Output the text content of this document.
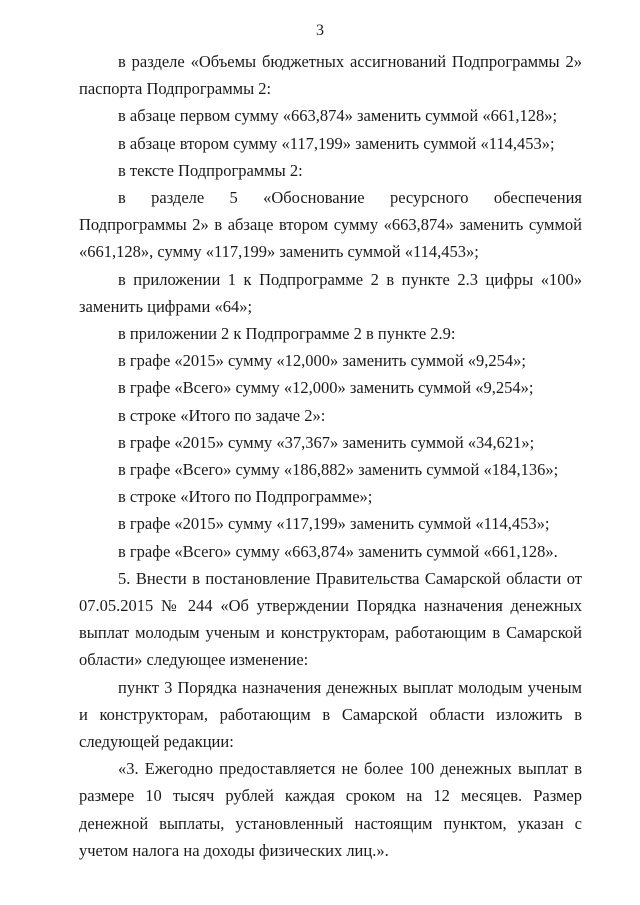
3

в разделе «Объемы бюджетных ассигнований Подпрограммы 2» паспорта Подпрограммы 2:

в абзаце первом сумму «663,874» заменить суммой «661,128»;

в абзаце втором сумму «117,199» заменить суммой «114,453»;

в тексте Подпрограммы 2:

в разделе 5 «Обоснование ресурсного обеспечения Подпрограммы 2» в абзаце втором сумму «663,874» заменить суммой «661,128», сумму «117,199» заменить суммой «114,453»;

в приложении 1 к Подпрограмме 2 в пункте 2.3 цифры «100» заменить цифрами «64»;

в приложении 2 к Подпрограмме 2 в пункте 2.9:

в графе «2015» сумму «12,000» заменить суммой «9,254»;

в графе «Всего» сумму «12,000» заменить суммой «9,254»;

в строке «Итого по задаче 2»:

в графе «2015» сумму «37,367» заменить суммой «34,621»;

в графе «Всего» сумму «186,882» заменить суммой «184,136»;

в строке «Итого по Подпрограмме»;

в графе «2015» сумму «117,199» заменить суммой «114,453»;

в графе «Всего» сумму «663,874» заменить суммой «661,128».

5. Внести в постановление Правительства Самарской области от 07.05.2015 № 244 «Об утверждении Порядка назначения денежных выплат молодым ученым и конструкторам, работающим в Самарской области» следующее изменение:

пункт 3 Порядка назначения денежных выплат молодым ученым и конструкторам, работающим в Самарской области изложить в следующей редакции:

«3. Ежегодно предоставляется не более 100 денежных выплат в размере 10 тысяч рублей каждая сроком на 12 месяцев. Размер денежной выплаты, установленный настоящим пунктом, указан с учетом налога на доходы физических лиц.».
